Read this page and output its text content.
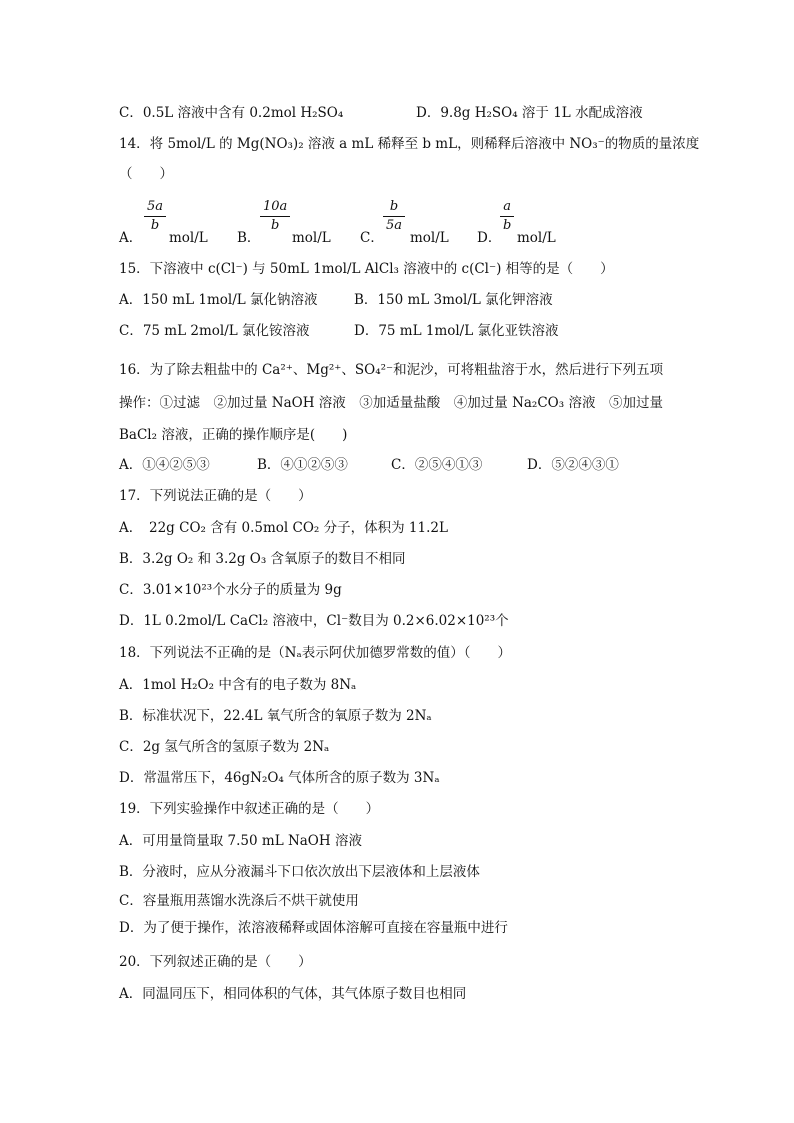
C．0.5L 溶液中含有 0.2mol H₂SO₄	D．9.8g H₂SO₄ 溶于 1L 水配成溶液
14．将 5mol/L 的 Mg(NO₃)₂ 溶液 a mL 稀释至 b mL，则稀释后溶液中 NO₃⁻的物质的量浓度
（　　）
A．
5a
b
mol/L B．
10a
b
mol/L C．
b
5a
mol/L D．
a
b
mol/L
15．下溶液中 c(Cl⁻) 与 50mL 1mol/L AlCl₃ 溶液中的 c(Cl⁻) 相等的是（　　）
A．150 mL 1mol/L 氯化钠溶液	B．150 mL 3mol/L 氯化钾溶液
C．75 mL 2mol/L 氯化铵溶液	D．75 mL 1mol/L 氯化亚铁溶液
16．为了除去粗盐中的 Ca²⁺、Mg²⁺、SO₄²⁻和泥沙，可将粗盐溶于水，然后进行下列五项
操作：①过滤　②加过量 NaOH 溶液　③加适量盐酸　④加过量 Na₂CO₃ 溶液　⑤加过量
BaCl₂ 溶液，正确的操作顺序是(　　)
A．①④②⑤③	B．④①②⑤③	C．②⑤④①③	D．⑤②④③①
17．下列说法正确的是（　　）
A．　22g CO₂ 含有 0.5mol CO₂ 分子，体积为 11.2L
B．3.2g O₂ 和 3.2g O₃ 含氧原子的数目不相同
C．3.01×10²³个水分子的质量为 9g
D．1L 0.2mol/L CaCl₂ 溶液中，Cl⁻数目为 0.2×6.02×10²³个
18．下列说法不正确的是（Nₐ表示阿伏加德罗常数的值）（　　）
A．1mol H₂O₂ 中含有的电子数为 8Nₐ
B．标准状况下，22.4L 氧气所含的氧原子数为 2Nₐ
C．2g 氢气所含的氢原子数为 2Nₐ
D．常温常压下，46gN₂O₄ 气体所含的原子数为 3Nₐ
19．下列实验操作中叙述正确的是（　　）
A．可用量筒量取 7.50 mL NaOH 溶液
B．分液时，应从分液漏斗下口依次放出下层液体和上层液体
C．容量瓶用蒸馏水洗涤后不烘干就使用
D．为了便于操作，浓溶液稀释或固体溶解可直接在容量瓶中进行
20．下列叙述正确的是（　　）
A．同温同压下，相同体积的气体，其气体原子数目也相同
